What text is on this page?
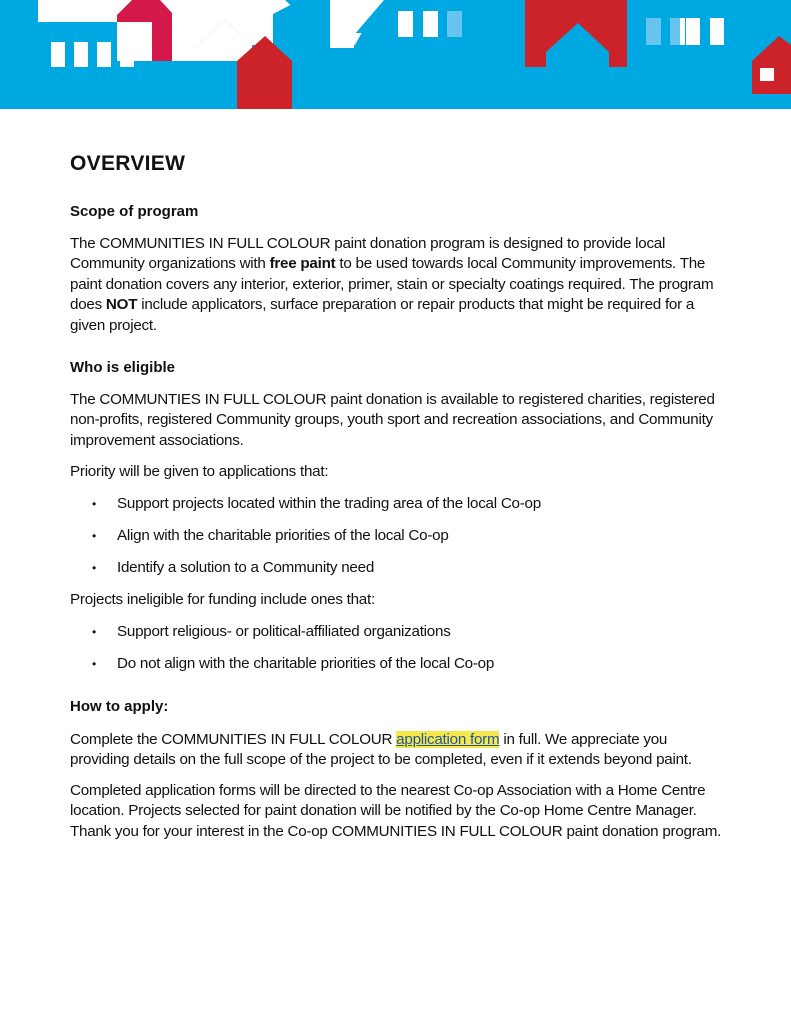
OVERVIEW
Scope of program

The COMMUNITIES IN FULL COLOUR paint donation program is designed to provide local Community organizations with free paint to be used towards local Community improvements. The paint donation covers any interior, exterior, primer, stain or specialty coatings required. The program does NOT include applicators, surface preparation or repair products that might be required for a given project.

Who is eligible

The COMMUNTIES IN FULL COLOUR paint donation is available to registered charities, registered non-profits, registered Community groups, youth sport and recreation associations, and Community improvement associations.

Priority will be given to applications that:

• Support projects located within the trading area of the local Co-op
• Align with the charitable priorities of the local Co-op
• Identify a solution to a Community need

Projects ineligible for funding include ones that:

• Support religious- or political-affiliated organizations
• Do not align with the charitable priorities of the local Co-op
How to apply:

Complete the COMMUNITIES IN FULL COLOUR application form in full. We appreciate you providing details on the full scope of the project to be completed, even if it extends beyond paint.

Completed application forms will be directed to the nearest Co-op Association with a Home Centre location. Projects selected for paint donation will be notified by the Co-op Home Centre Manager. Thank you for your interest in the Co-op COMMUNITIES IN FULL COLOUR paint donation program.
